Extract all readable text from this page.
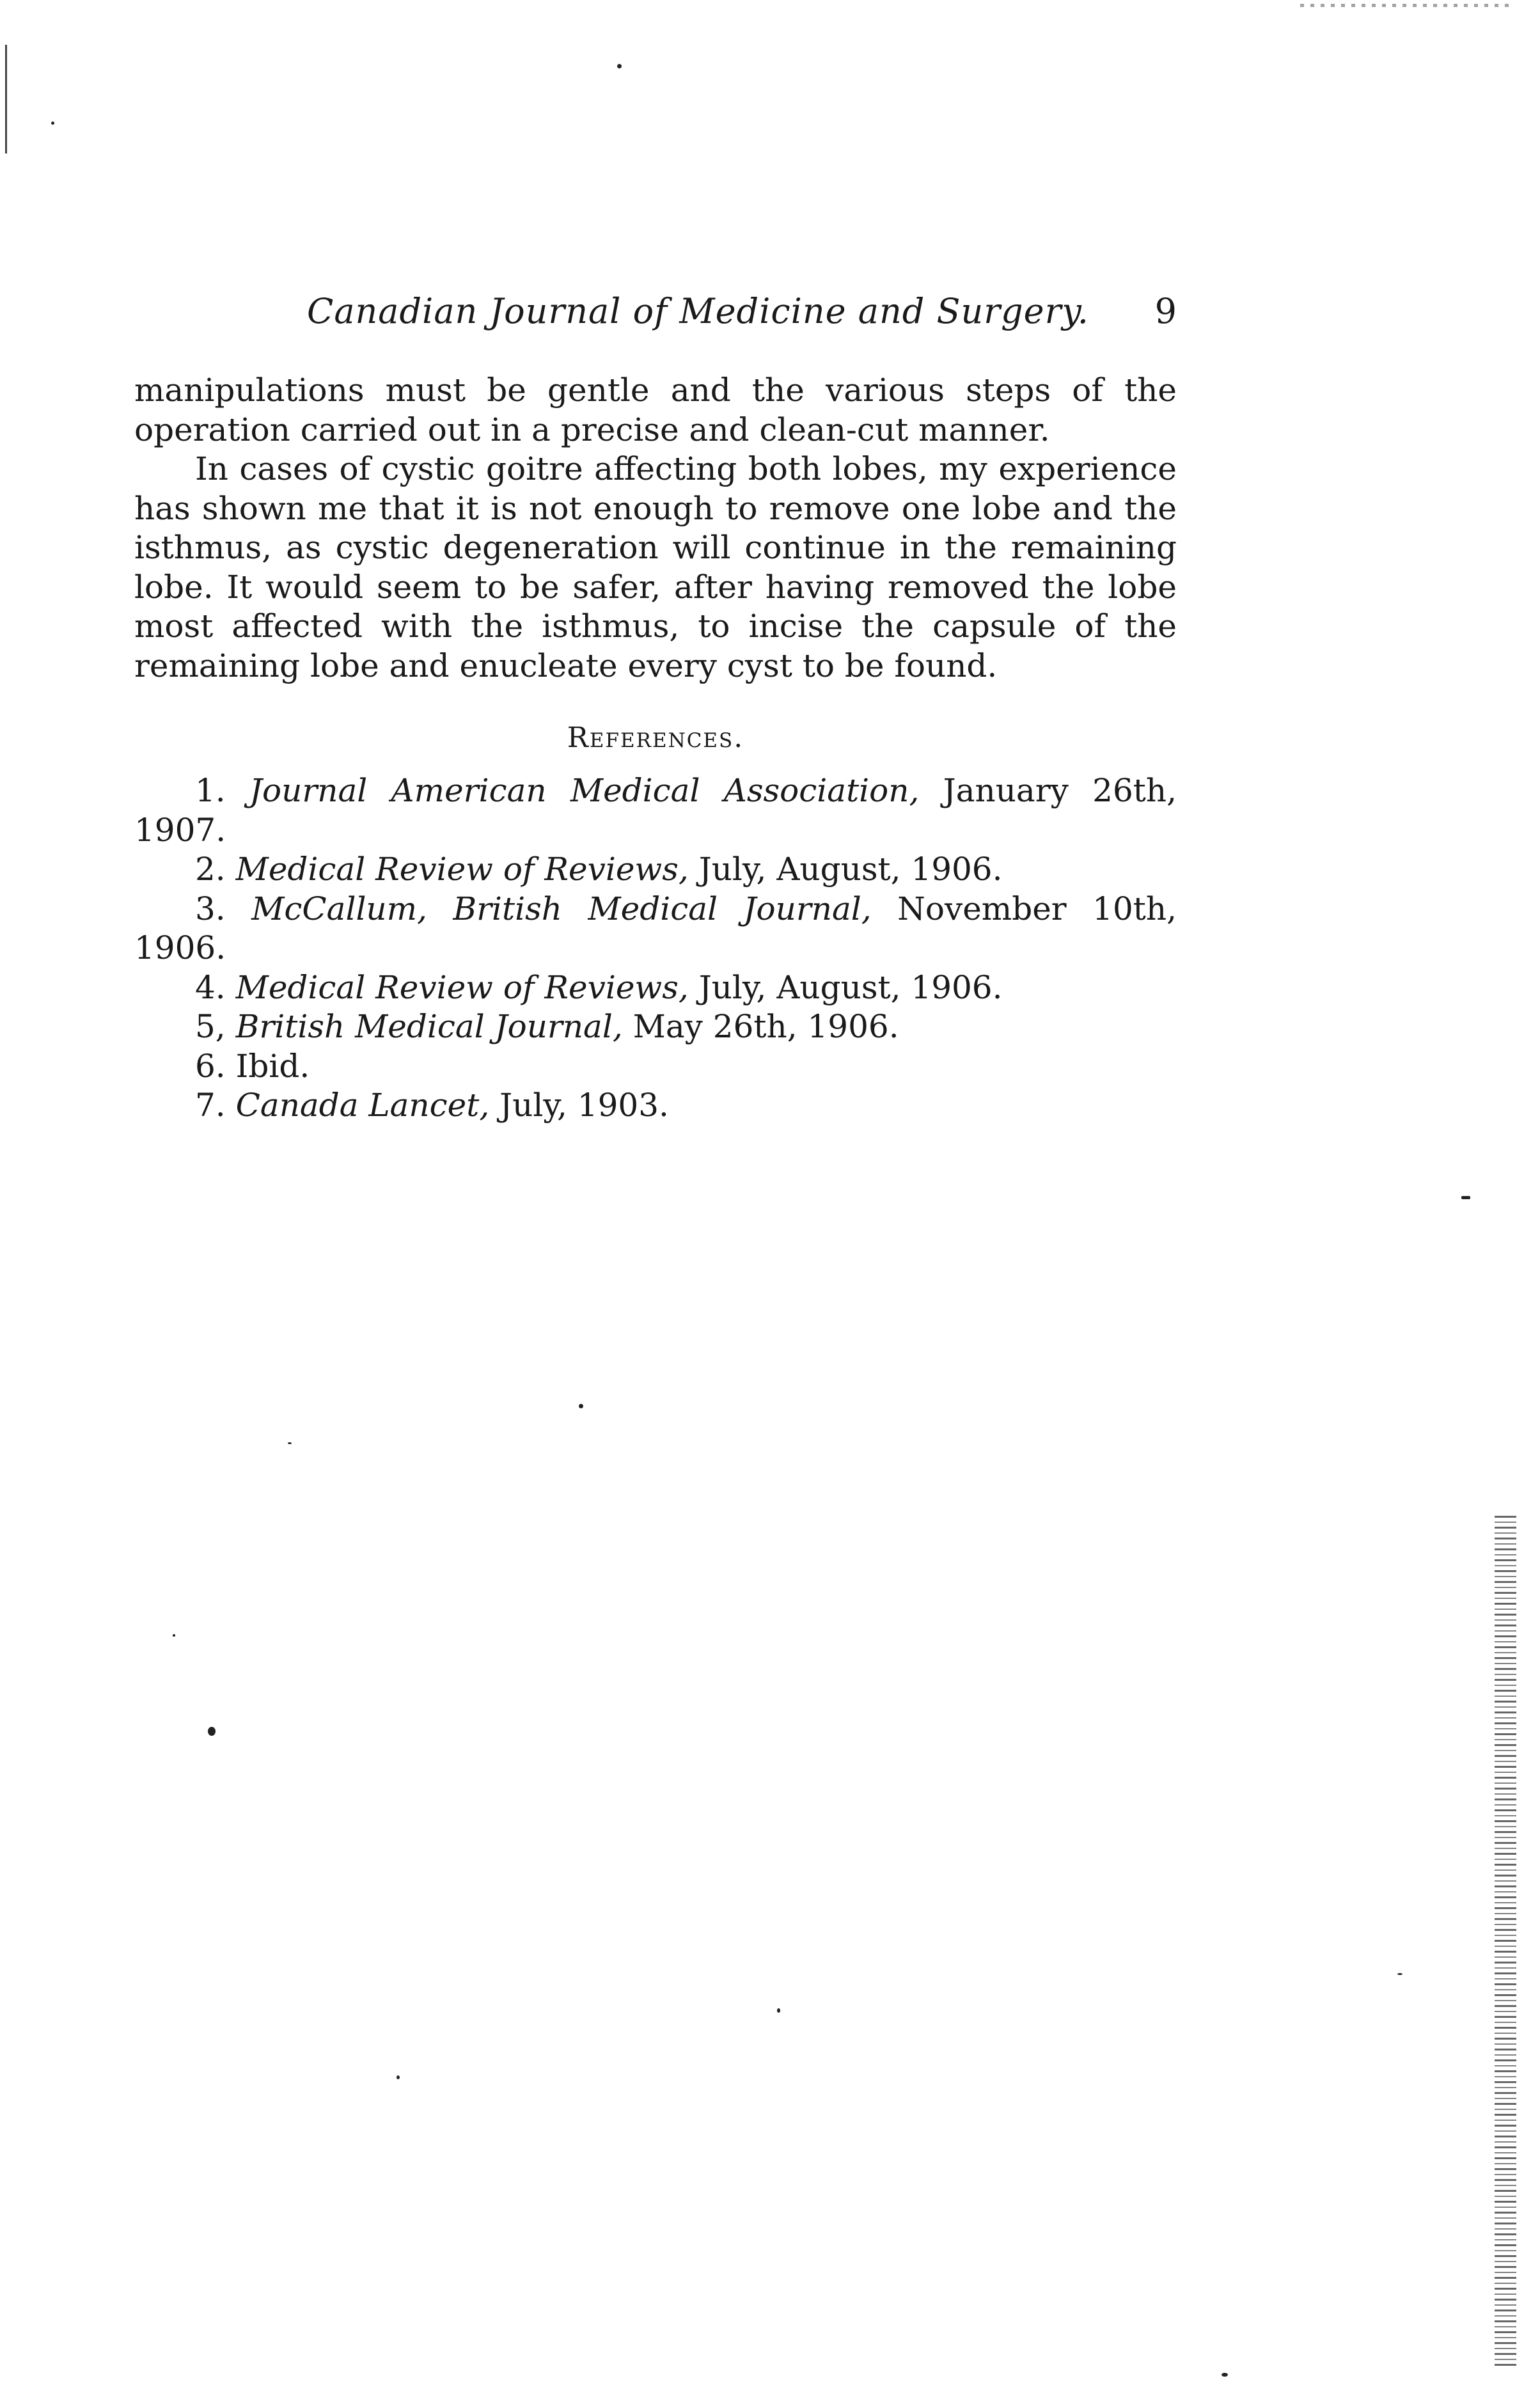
Canadian Journal of Medicine and Surgery. 9

manipulations must be gentle and the various steps of the operation carried out in a precise and clean-cut manner.

In cases of cystic goitre affecting both lobes, my experience has shown me that it is not enough to remove one lobe and the isthmus, as cystic degeneration will continue in the remaining lobe. It would seem to be safer, after having removed the lobe most affected with the isthmus, to incise the capsule of the remaining lobe and enucleate every cyst to be found.

References.
1. Journal American Medical Association, January 26th, 1907.
2. Medical Review of Reviews, July, August, 1906.
3. McCallum, British Medical Journal, November 10th, 1906.
4. Medical Review of Reviews, July, August, 1906.
5, British Medical Journal, May 26th, 1906.
6. Ibid.
7. Canada Lancet, July, 1903.
